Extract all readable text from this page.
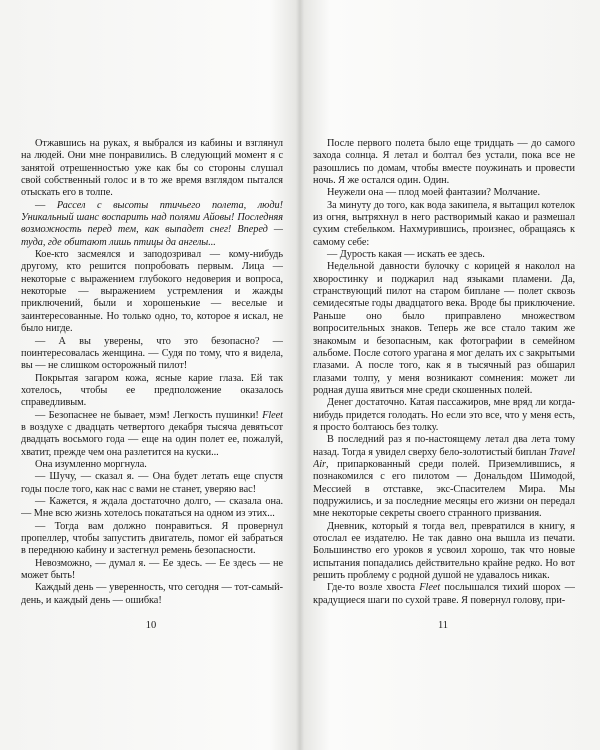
Отжавшись на руках, я выбрался из кабины и взглянул на людей. Они мне понравились. В следующий момент я с занятой отрешенностью уже как бы со стороны слушал свой собственный голос и в то же время взглядом пытался отыскать его в толпе.

— Рассел с высоты птичьего полета, люди! Уникальный шанс воспарить над полями Айовы! Последняя возможность перед тем, как выпадет снег! Вперед — туда, где обитают лишь птицы да ангелы...

Кое-кто засмеялся и заподозривал — кому-нибудь другому, кто решится попробовать первым. Лица — некоторые с выражением глубокого недоверия и вопроса, некоторые — выражением устремления и жажды приключений, были и хорошенькие — веселые и заинтересованные. Но только одно, то, которое я искал, не было нигде.

— А вы уверены, что это безопасно? — поинтересовалась женщина. — Судя по тому, что я видела, вы — не слишком осторожный пилот!

Покрытая загаром кожа, ясные карие глаза. Ей так хотелось, чтобы ее предположение оказалось справедливым.

— Безопаснее не бывает, мэм! Легкость пушинки! Fleet в воздухе с двадцать четвертого декабря тысяча девятьсот двадцать восьмого года — еще на один полет ее, пожалуй, хватит, прежде чем она разлетится на куски...

Она изумленно моргнула.

— Шучу, — сказал я. — Она будет летать еще спустя годы после того, как нас с вами не станет, уверяю вас!

— Кажется, я ждала достаточно долго, — сказала она. — Мне всю жизнь хотелось покататься на одном из этих...

— Тогда вам должно понравиться. Я провернул пропеллер, чтобы запустить двигатель, помог ей забраться в переднюю кабину и застегнул ремень безопасности.

Невозможно, — думал я. — Ее здесь. — Ее здесь — не может быть!

Каждый день — уверенность, что сегодня — тот-самый-день, и каждый день — ошибка!

10

После первого полета было еще тридцать — до самого захода солнца. Я летал и болтал без устали, пока все не разошлись по домам, чтобы вместе поужинать и провести ночь. Я же остался один. Один.

Неужели она — плод моей фантазии? Молчание.

За минуту до того, как вода закипела, я вытащил котелок из огня, вытряхнул в него растворимый какао и размешал сухим стебельком. Нахмурившись, произнес, обращаясь к самому себе:

— Дурость какая — искать ее здесь.

Недельной давности булочку с корицей я наколол на хворостинку и поджарил над языками пламени. Да, странствующий пилот на старом биплане — полет сквозь семидесятые годы двадцатого века. Вроде бы приключение. Раньше оно было приправлено множеством вопросительных знаков. Теперь же все стало таким же знакомым и безопасным, как фотографии в семейном альбоме. После сотого урагана я мог делать их с закрытыми глазами. А после того, как я в тысячный раз обшарил глазами толпу, у меня возникают сомнения: может ли родная душа явиться мне среди скошенных полей.

Денег достаточно. Катая пассажиров, мне вряд ли когда-нибудь придется голодать. Но если это все, что у меня есть, я просто болтаюсь без толку.

В последний раз я по-настоящему летал два лета тому назад. Тогда я увидел сверху бело-золотистый биплан Travel Air, припаркованный среди полей. Приземлившись, я познакомился с его пилотом — Дональдом Шимодой, Мессией в отставке, экс-Спасителем Мира. Мы подружились, и за последние месяцы его жизни он передал мне некоторые секреты своего странного призвания.

Дневник, который я тогда вел, превратился в книгу, я отослал ее издателю. Не так давно она вышла из печати. Большинство его уроков я усвоил хорошо, так что новые испытания попадались действительно крайне редко. Но вот решить проблему с родной душой не удавалось никак.

Где-то возле хвоста Fleet послышался тихий шорох — крадущиеся шаги по сухой траве. Я повернул голову, при-

11
